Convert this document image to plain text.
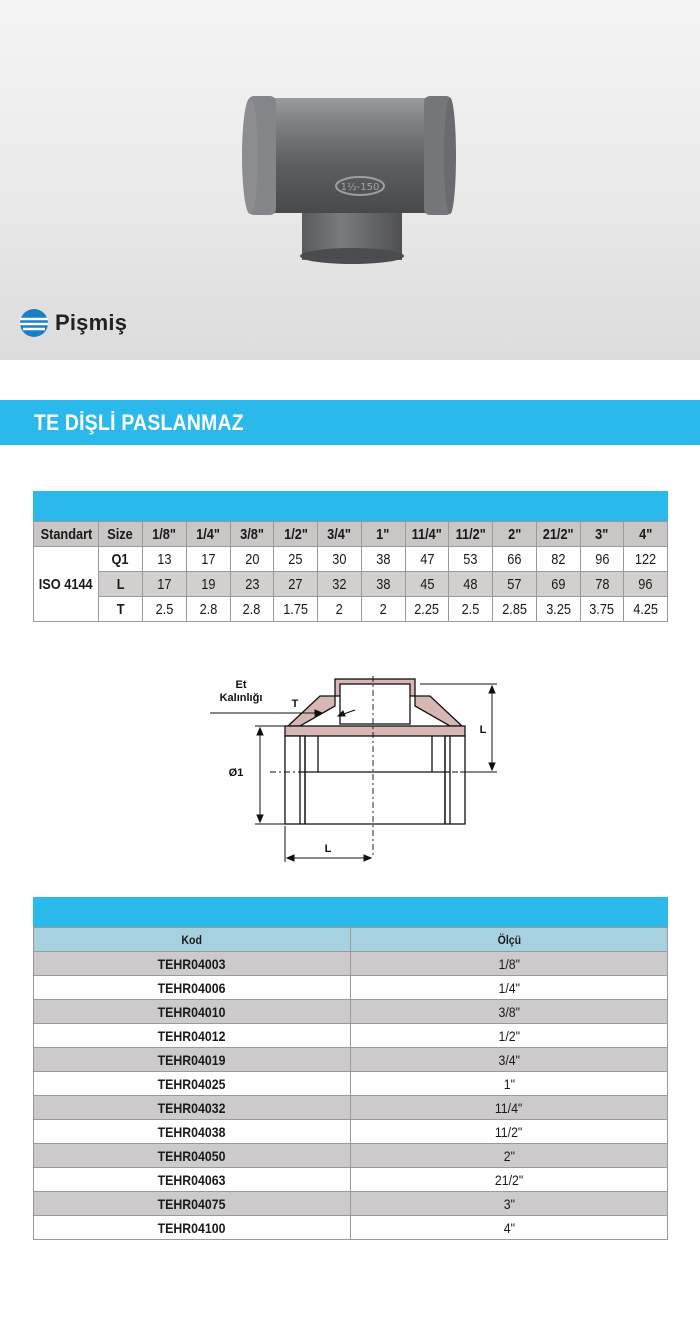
1½-150
Pişmiş
TE DİŞLİ PASLANMAZ
Standart	Size	1/8"	1/4"	3/8"	1/2"	3/4"	1"	11/4"	11/2"	2"	21/2"	3"	4"
ISO 4144	Q1	13	17	20	25	30	38	47	53	66	82	96	122
	L	17	19	23	27	32	38	45	48	57	69	78	96
	T	2.5	2.8	2.8	1.75	2	2	2.25	2.5	2.85	3.25	3.75	4.25
Et
Kalınlığı	T
L
Ø1
L
Kod	Ölçü
TEHR04003	1/8"
TEHR04006	1/4"
TEHR04010	3/8"
TEHR04012	1/2"
TEHR04019	3/4"
TEHR04025	1"
TEHR04032	11/4"
TEHR04038	11/2"
TEHR04050	2"
TEHR04063	21/2"
TEHR04075	3"
TEHR04100	4"
